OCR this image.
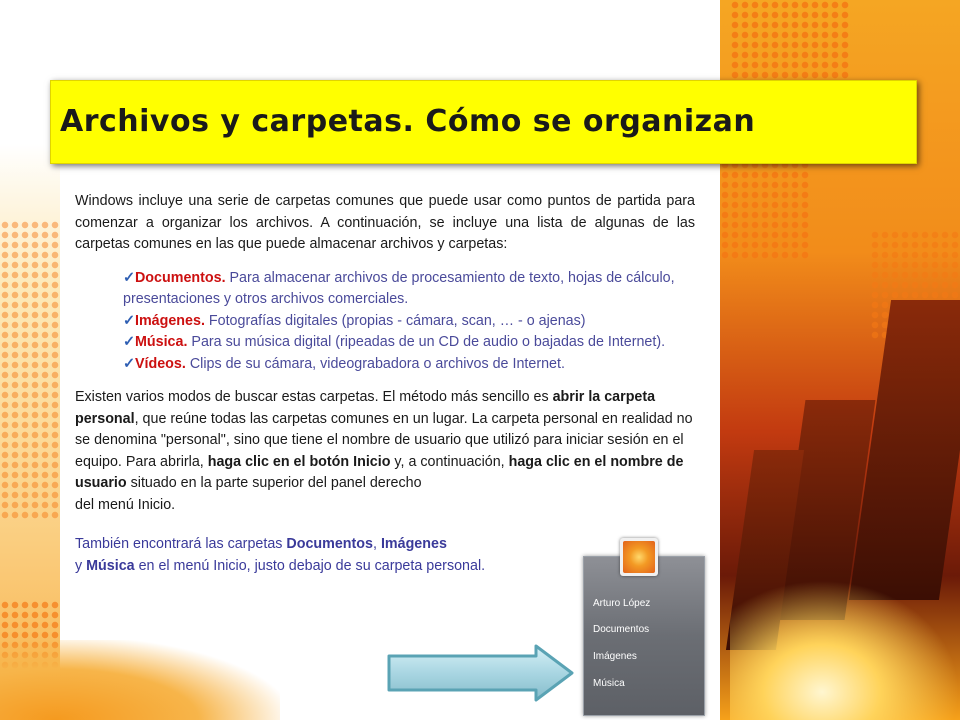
Archivos y carpetas. Cómo se organizan

Windows incluye una serie de carpetas comunes que puede usar como puntos de partida para comenzar a organizar los archivos. A continuación, se incluye una lista de algunas de las carpetas comunes en las que puede almacenar archivos y carpetas:

✓Documentos. Para almacenar archivos de procesamiento de texto, hojas de cálculo, presentaciones y otros archivos comerciales.
✓Imágenes. Fotografías digitales (propias - cámara, scan, … - o ajenas)
✓Música. Para su música digital (ripeadas de un CD de audio o bajadas de Internet).
✓Vídeos. Clips de su cámara, videograbadora o archivos de Internet.

Existen varios modos de buscar estas carpetas. El método más sencillo es abrir la carpeta personal, que reúne todas las carpetas comunes en un lugar. La carpeta personal en realidad no se denomina "personal", sino que tiene el nombre de usuario que utilizó para iniciar sesión en el equipo. Para abrirla, haga clic en el botón Inicio y, a continuación, haga clic en el nombre de usuario situado en la parte superior del panel derecho
del menú Inicio.

También encontrará las carpetas Documentos, Imágenes
y Música en el menú Inicio, justo debajo de su carpeta personal.

Arturo López
Documentos
Imágenes
Música
